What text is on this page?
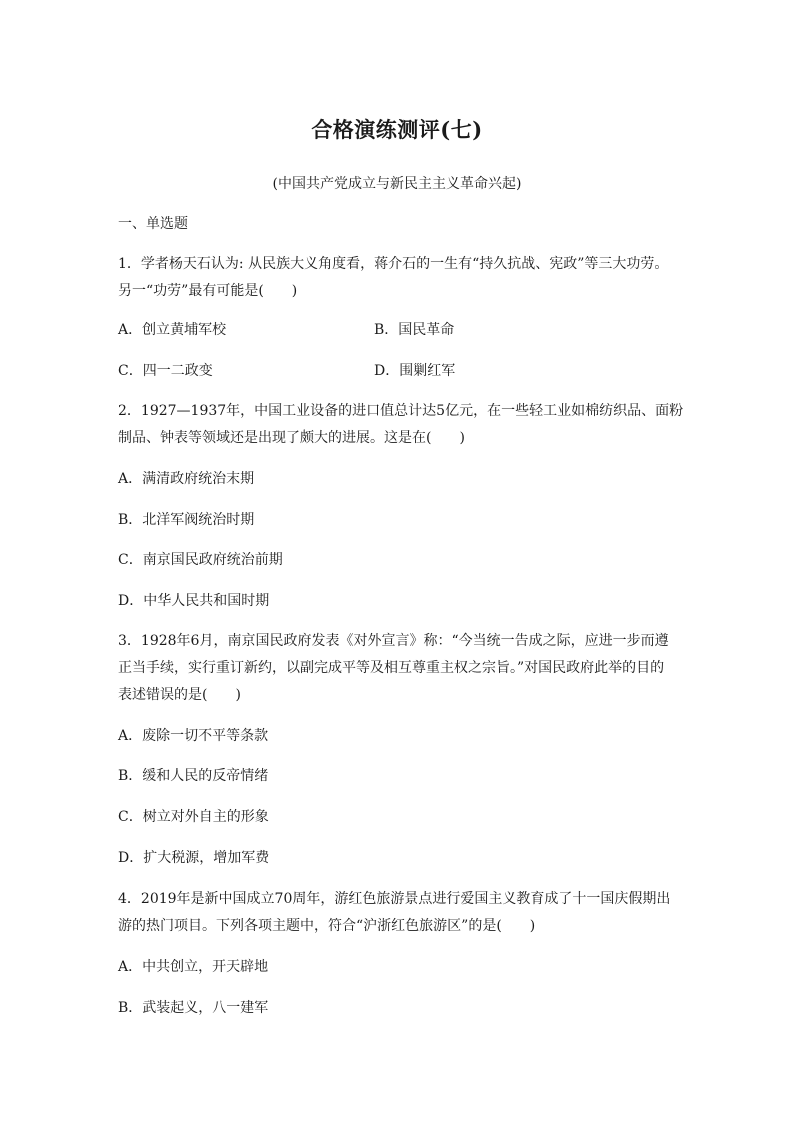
合格演练测评(七)
(中国共产党成立与新民主主义革命兴起)
一、单选题
1．学者杨天石认为: 从民族大义角度看，蒋介石的一生有“持久抗战、宪政”等三大功劳。
另一“功劳”最有可能是(　　)
A．创立黄埔军校	B．国民革命
C．四一二政变	D．围剿红军
2．1927—1937年，中国工业设备的进口值总计达5亿元，在一些轻工业如棉纺织品、面粉
制品、钟表等领域还是出现了颇大的进展。这是在(　　)
A．满清政府统治末期
B．北洋军阀统治时期
C．南京国民政府统治前期
D．中华人民共和国时期
3．1928年6月，南京国民政府发表《对外宣言》称：“今当统一告成之际，应进一步而遵
正当手续，实行重订新约，以副完成平等及相互尊重主权之宗旨。”对国民政府此举的目的
表述错误的是(　　)
A．废除一切不平等条款
B．缓和人民的反帝情绪
C．树立对外自主的形象
D．扩大税源，增加军费
4．2019年是新中国成立70周年，游红色旅游景点进行爱国主义教育成了十一国庆假期出
游的热门项目。下列各项主题中，符合“沪浙红色旅游区”的是(　　)
A．中共创立，开天辟地
B．武装起义，八一建军
